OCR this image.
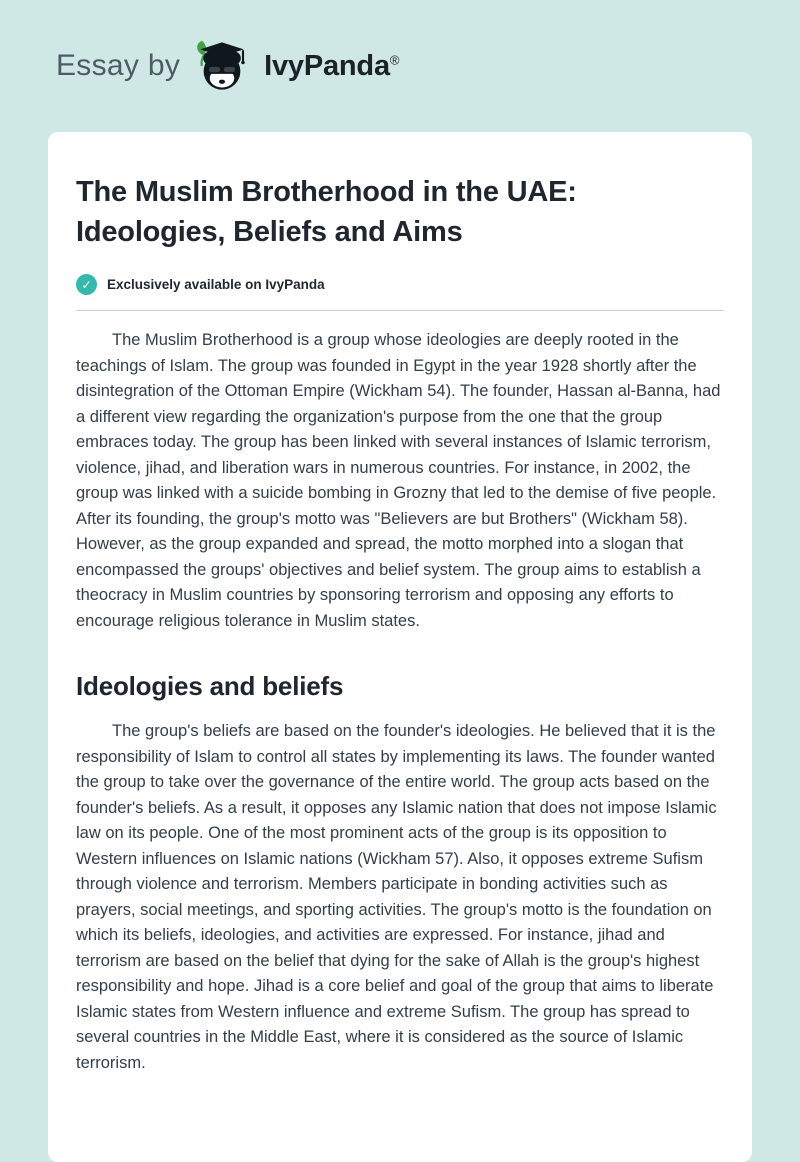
Essay by	IvyPanda®
The Muslim Brotherhood in the UAE: Ideologies, Beliefs and Aims
✓	Exclusively available on IvyPanda

The Muslim Brotherhood is a group whose ideologies are deeply rooted in the teachings of Islam. The group was founded in Egypt in the year 1928 shortly after the disintegration of the Ottoman Empire (Wickham 54). The founder, Hassan al-Banna, had a different view regarding the organization's purpose from the one that the group embraces today. The group has been linked with several instances of Islamic terrorism, violence, jihad, and liberation wars in numerous countries. For instance, in 2002, the group was linked with a suicide bombing in Grozny that led to the demise of five people. After its founding, the group's motto was "Believers are but Brothers" (Wickham 58). However, as the group expanded and spread, the motto morphed into a slogan that encompassed the groups' objectives and belief system. The group aims to establish a theocracy in Muslim countries by sponsoring terrorism and opposing any efforts to encourage religious tolerance in Muslim states.

Ideologies and beliefs

The group's beliefs are based on the founder's ideologies. He believed that it is the responsibility of Islam to control all states by implementing its laws. The founder wanted the group to take over the governance of the entire world. The group acts based on the founder's beliefs. As a result, it opposes any Islamic nation that does not impose Islamic law on its people. One of the most prominent acts of the group is its opposition to Western influences on Islamic nations (Wickham 57). Also, it opposes extreme Sufism through violence and terrorism. Members participate in bonding activities such as prayers, social meetings, and sporting activities. The group's motto is the foundation on which its beliefs, ideologies, and activities are expressed. For instance, jihad and terrorism are based on the belief that dying for the sake of Allah is the group's highest responsibility and hope. Jihad is a core belief and goal of the group that aims to liberate Islamic states from Western influence and extreme Sufism. The group has spread to several countries in the Middle East, where it is considered as the source of Islamic terrorism.
